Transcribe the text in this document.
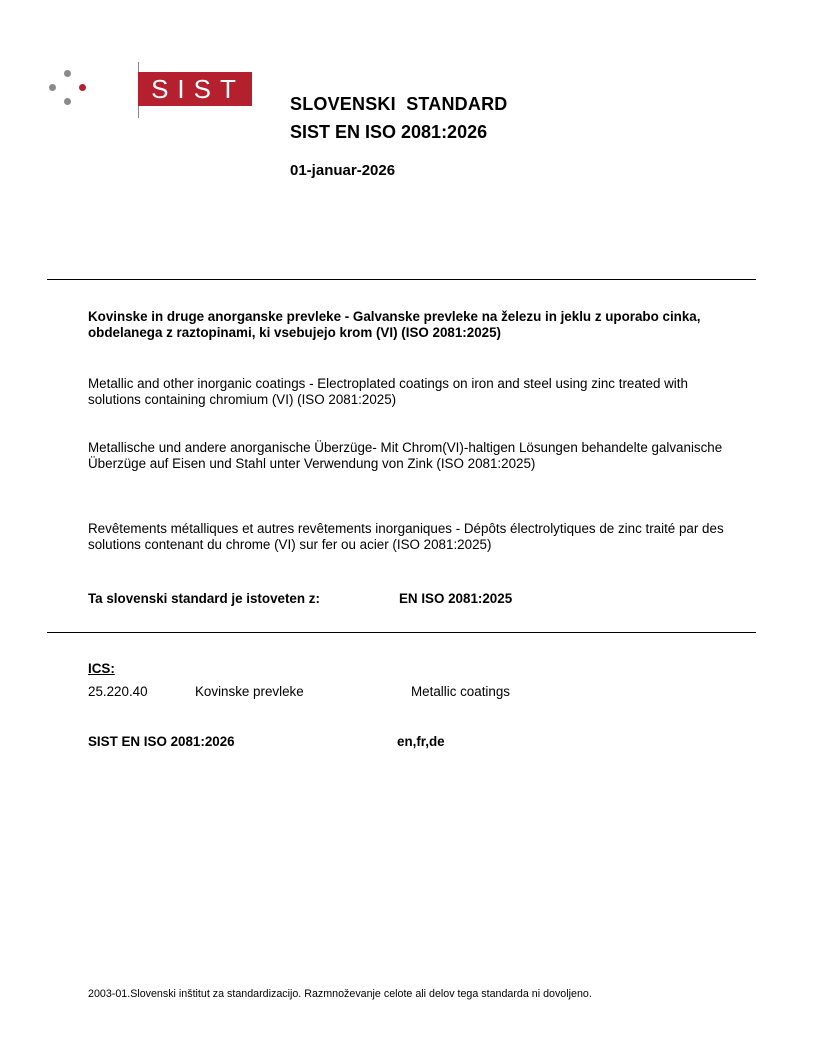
SIST
SLOVENSKI  STANDARD
SIST EN ISO 2081:2026
01-januar-2026
Kovinske in druge anorganske prevleke - Galvanske prevleke na železu in jeklu z uporabo cinka, obdelanega z raztopinami, ki vsebujejo krom (VI) (ISO 2081:2025)
Metallic and other inorganic coatings - Electroplated coatings on iron and steel using zinc treated with solutions containing chromium (VI) (ISO 2081:2025)
Metallische und andere anorganische Überzüge- Mit Chrom(VI)-haltigen Lösungen behandelte galvanische Überzüge auf Eisen und Stahl unter Verwendung von Zink (ISO 2081:2025)
Revêtements métalliques et autres revêtements inorganiques - Dépôts électrolytiques de zinc traité par des solutions contenant du chrome (VI) sur fer ou acier (ISO 2081:2025)
Ta slovenski standard je istoveten z:	EN ISO 2081:2025
ICS:
25.220.40	Kovinske prevleke	Metallic coatings
SIST EN ISO 2081:2026	en,fr,de
2003-01.Slovenski inštitut za standardizacijo. Razmnoževanje celote ali delov tega standarda ni dovoljeno.
